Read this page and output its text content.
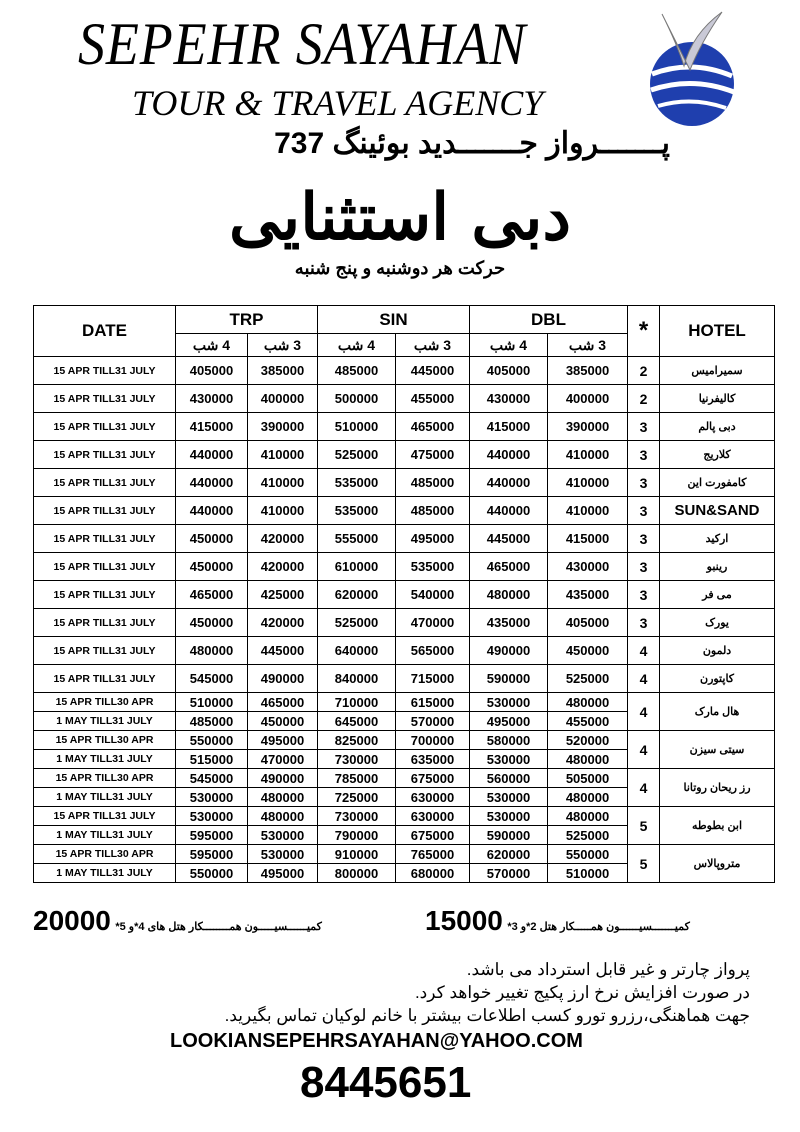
SEPEHR SAYAHAN
TOUR & TRAVEL AGENCY
پـــــــرواز جـــــــدید بوئینگ 737
دبی استثنایی
حرکت هر دوشنبه و پنج شنبه
DATE	TRP		SIN		DBL		*	HOTEL
	4 شب	3 شب	4 شب	3 شب	4 شب	3 شب		
15 APR TILL31 JULY	405000	385000	485000	445000	405000	385000	2	سمیرامیس
15 APR TILL31 JULY	430000	400000	500000	455000	430000	400000	2	کالیفرنیا
15 APR TILL31 JULY	415000	390000	510000	465000	415000	390000	3	دبی پالم
15 APR TILL31 JULY	440000	410000	525000	475000	440000	410000	3	کلاریج
15 APR TILL31 JULY	440000	410000	535000	485000	440000	410000	3	کامفورت این
15 APR TILL31 JULY	440000	410000	535000	485000	440000	410000	3	SUN&SAND
15 APR TILL31 JULY	450000	420000	555000	495000	445000	415000	3	ارکید
15 APR TILL31 JULY	450000	420000	610000	535000	465000	430000	3	رینبو
15 APR TILL31 JULY	465000	425000	620000	540000	480000	435000	3	می فر
15 APR TILL31 JULY	450000	420000	525000	470000	435000	405000	3	یورک
15 APR TILL31 JULY	480000	445000	640000	565000	490000	450000	4	دلمون
15 APR TILL31 JULY	545000	490000	840000	715000	590000	525000	4	کاپتورن
15 APR TILL30 APR	510000	465000	710000	615000	530000	480000	4	هال مارک
1 MAY TILL31 JULY	485000	450000	645000	570000	495000	455000		
15 APR TILL30 APR	550000	495000	825000	700000	580000	520000	4	سیتی سیزن
1 MAY TILL31 JULY	515000	470000	730000	635000	530000	480000		
15 APR TILL30 APR	545000	490000	785000	675000	560000	505000	4	رز ریحان روتانا
1 MAY TILL31 JULY	530000	480000	725000	630000	530000	480000		
15 APR TILL31 JULY	530000	480000	730000	630000	530000	480000	5	ابن بطوطه
1 MAY TILL31 JULY	595000	530000	790000	675000	590000	525000		
15 APR TILL30 APR	595000	530000	910000	765000	620000	550000	5	متروپالاس
1 MAY TILL31 JULY	550000	495000	800000	680000	570000	510000		
20000 *5 کمیــــــسیـــــون همــــــــکار هتل های 4*و	15000 *3 کمیـــــــسیــــــون همـــــکار هتل 2*و
پرواز چارتر و غیر قابل استرداد می باشد.
در صورت افزایش نرخ ارز پکیج تغییر خواهد کرد.
جهت هماهنگی،رزرو تورو کسب اطلاعات بیشتر با خانم لوکیان تماس بگیرید.
LOOKIANSEPEHRSAYAHAN@YAHOO.COM
8445651
